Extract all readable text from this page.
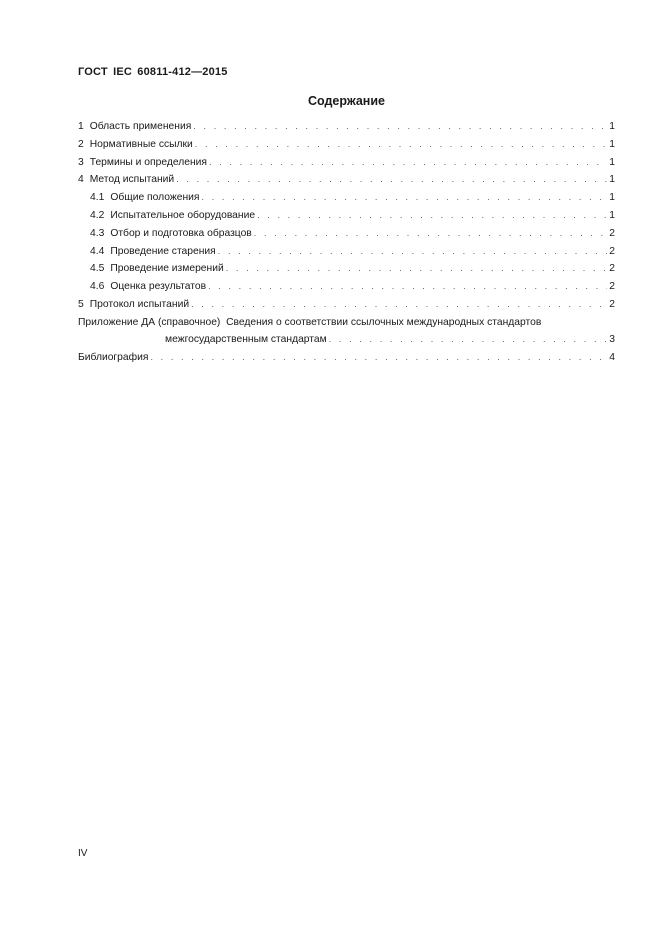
ГОСТ IEC 60811-412—2015
Содержание
1 Область применения . . .	1
2 Нормативные ссылки . . .	1
3 Термины и определения . . .	1
4 Метод испытаний . . .	1
4.1 Общие положения . . .	1
4.2 Испытательное оборудование . . .	1
4.3 Отбор и подготовка образцов . . .	2
4.4 Проведение старения . . .	2
4.5 Проведение измерений . . .	2
4.6 Оценка результатов . . .	2
5 Протокол испытаний . . .	2
Приложение ДА (справочное) Сведения о соответствии ссылочных международных стандартов
межгосударственным стандартам . . .	3
Библиография . . .	4
IV
